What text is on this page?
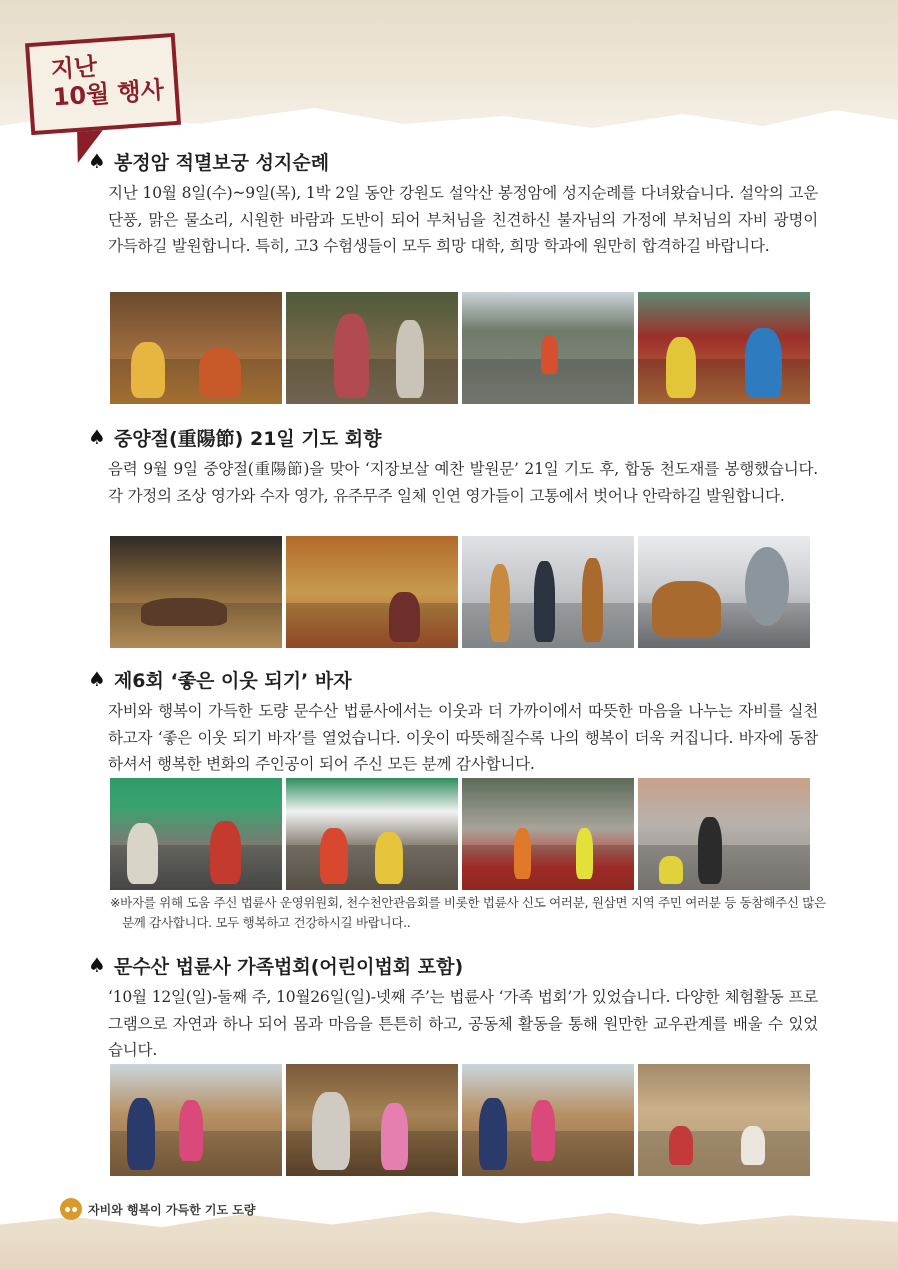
지난
10월 행사
♠ 봉정암 적멸보궁 성지순례
지난 10월 8일(수)~9일(목), 1박 2일 동안 강원도 설악산 봉정암에 성지순례를 다녀왔습니다. 설악의 고운 단풍, 맑은 물소리, 시원한 바람과 도반이 되어 부처님을 친견하신 불자님의 가정에 부처님의 자비 광명이 가득하길 발원합니다. 특히, 고3 수험생들이 모두 희망 대학, 희망 학과에 원만히 합격하길 바랍니다.
♠ 중양절(重陽節) 21일 기도 회향
음력 9월 9일 중양절(重陽節)을 맞아 ‘지장보살 예찬 발원문’ 21일 기도 후, 합동 천도재를 봉행했습니다. 각 가정의 조상 영가와 수자 영가, 유주무주 일체 인연 영가들이 고통에서 벗어나 안락하길 발원합니다.
♠ 제6회 ‘좋은 이웃 되기’ 바자
자비와 행복이 가득한 도량 문수산 법륜사에서는 이웃과 더 가까이에서 따뜻한 마음을 나누는 자비를 실천하고자 ‘좋은 이웃 되기 바자’를 열었습니다. 이웃이 따뜻해질수록 나의 행복이 더욱 커집니다. 바자에 동참하셔서 행복한 변화의 주인공이 되어 주신 모든 분께 감사합니다.
※바자를 위해 도움 주신 법륜사 운영위원회, 천수천안관음회를 비롯한 법륜사 신도 여러분, 원삼면 지역 주민 여러분 등 동참해주신 많은 분께 감사합니다. 모두 행복하고 건강하시길 바랍니다..
♠ 문수산 법륜사 가족법회(어린이법회 포함)
‘10월 12일(일)-둘째 주, 10월26일(일)-넷째 주’는 법륜사 ‘가족 법회’가 있었습니다. 다양한 체험활동 프로그램으로 자연과 하나 되어 몸과 마음을 튼튼히 하고, 공동체 활동을 통해 원만한 교우관계를 배울 수 있었습니다.
자비와 행복이 가득한 기도 도량
